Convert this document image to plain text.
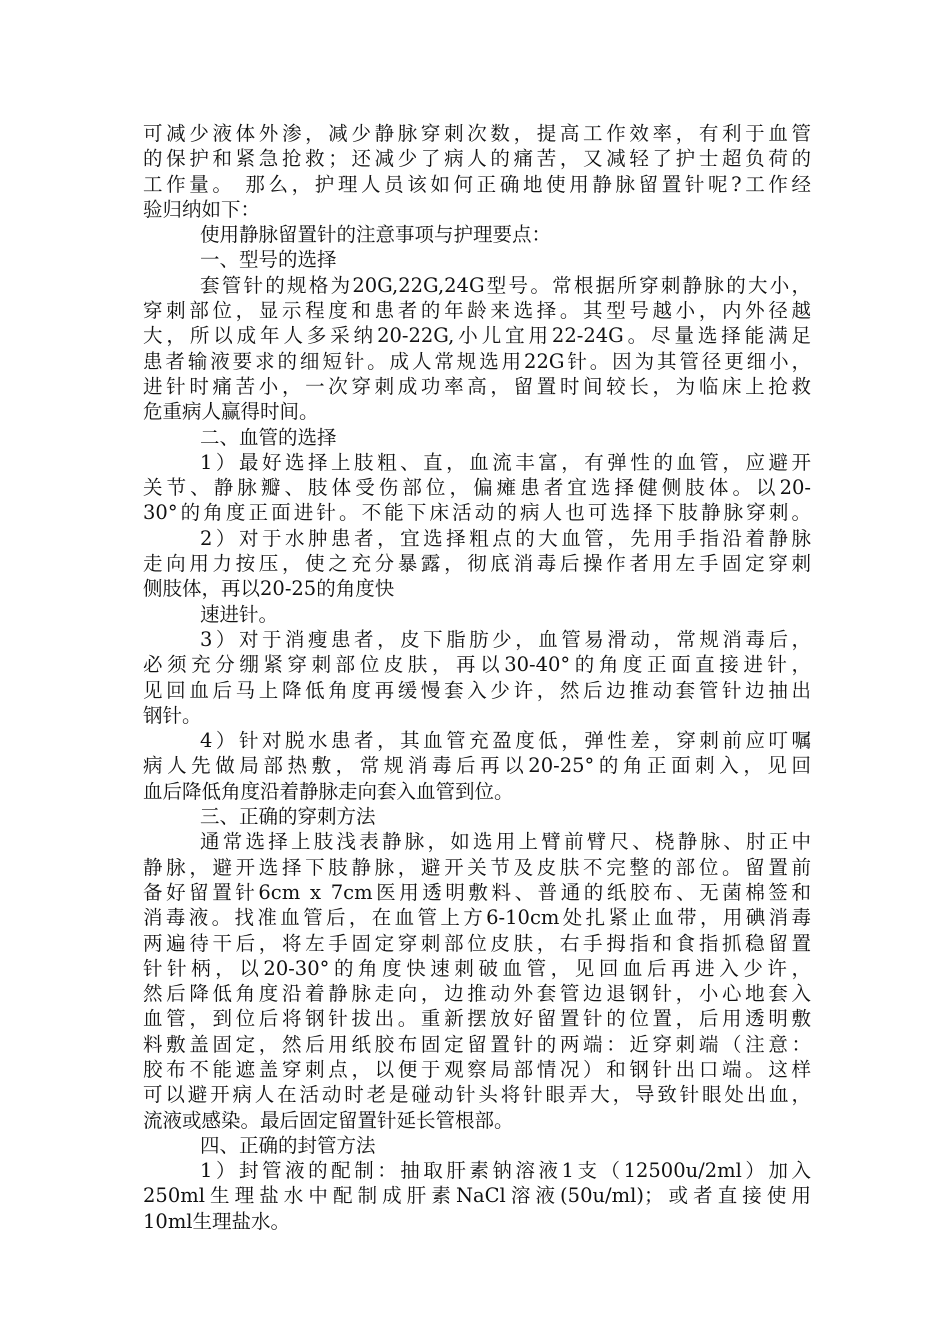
可减少液体外渗，减少静脉穿刺次数，提高工作效率，有利于血管
的保护和紧急抢救；还减少了病人的痛苦，又减轻了护士超负荷的
工作量。 那么，护理人员该如何正确地使用静脉留置针呢?工作经
验归纳如下：
使用静脉留置针的注意事项与护理要点：
一、型号的选择
套管针的规格为20G,22G,24G型号。常根据所穿刺静脉的大小，
穿刺部位，显示程度和患者的年龄来选择。其型号越小，内外径越
大，所以成年人多采纳20-22G,小儿宜用22-24G。尽量选择能满足
患者输液要求的细短针。成人常规选用22G针。因为其管径更细小，
进针时痛苦小，一次穿刺成功率高，留置时间较长，为临床上抢救
危重病人赢得时间。
二、血管的选择
1）最好选择上肢粗、直，血流丰富，有弹性的血管，应避开
关节、静脉瓣、肢体受伤部位，偏瘫患者宜选择健侧肢体。以20-
30°的角度正面进针。不能下床活动的病人也可选择下肢静脉穿刺。
2）对于水肿患者，宜选择粗点的大血管，先用手指沿着静脉
走向用力按压，使之充分暴露，彻底消毒后操作者用左手固定穿刺
侧肢体，再以20-25的角度快
速进针。
3）对于消瘦患者，皮下脂肪少，血管易滑动，常规消毒后，
必须充分绷紧穿刺部位皮肤，再以30-40°的角度正面直接进针，
见回血后马上降低角度再缓慢套入少许，然后边推动套管针边抽出
钢针。
4）针对脱水患者，其血管充盈度低，弹性差，穿刺前应叮嘱
病人先做局部热敷，常规消毒后再以20-25°的角正面刺入，见回
血后降低角度沿着静脉走向套入血管到位。
三、正确的穿刺方法
通常选择上肢浅表静脉，如选用上臂前臂尺、桡静脉、肘正中
静脉，避开选择下肢静脉，避开关节及皮肤不完整的部位。留置前
备好留置针6cm x 7cm医用透明敷料、普通的纸胶布、无菌棉签和
消毒液。找准血管后，在血管上方6-10cm处扎紧止血带，用碘消毒
两遍待干后，将左手固定穿刺部位皮肤，右手拇指和食指抓稳留置
针针柄，以20-30°的角度快速刺破血管，见回血后再进入少许，
然后降低角度沿着静脉走向，边推动外套管边退钢针，小心地套入
血管，到位后将钢针拔出。重新摆放好留置针的位置，后用透明敷
料敷盖固定，然后用纸胶布固定留置针的两端：近穿刺端（注意：
胶布不能遮盖穿刺点，以便于观察局部情况）和钢针出口端。这样
可以避开病人在活动时老是碰动针头将针眼弄大，导致针眼处出血，
流液或感染。最后固定留置针延长管根部。
四、正确的封管方法
1）封管液的配制：抽取肝素钠溶液1支（12500u/2ml）加入
250ml生理盐水中配制成肝素NaCl溶液(50u/ml)；或者直接使用
10ml生理盐水。
